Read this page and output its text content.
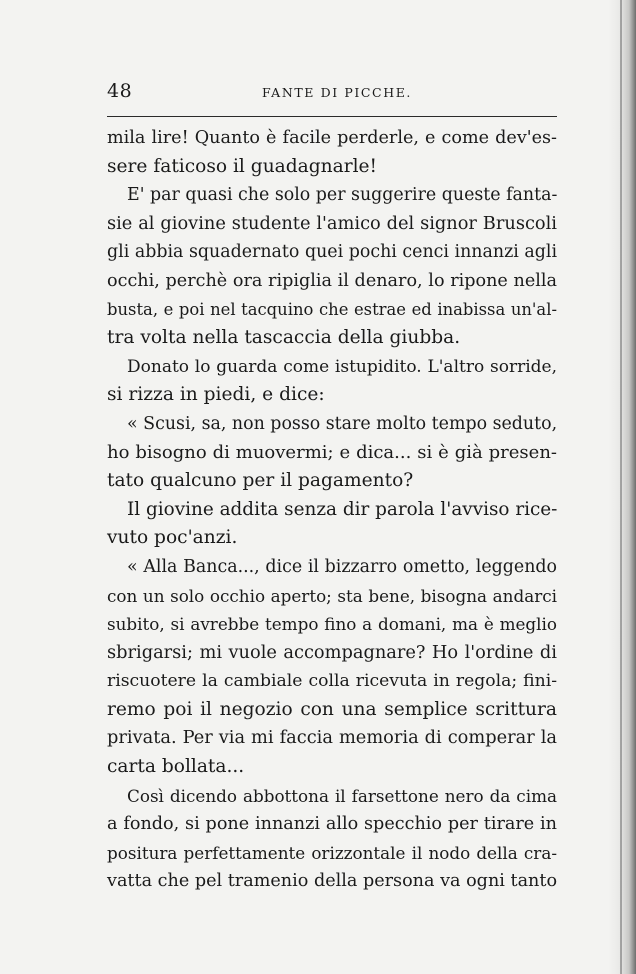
48	FANTE DI PICCHE.
mila lire! Quanto è facile perderle, e come dev'es-
sere faticoso il guadagnarle!
E' par quasi che solo per suggerire queste fanta-
sie al giovine studente l'amico del signor Bruscoli
gli abbia squadernato quei pochi cenci innanzi agli
occhi, perchè ora ripiglia il denaro, lo ripone nella
busta, e poi nel tacquino che estrae ed inabissa un'al-
tra volta nella tascaccia della giubba.
Donato lo guarda come istupidito. L'altro sorride,
si rizza in piedi, e dice:
« Scusi, sa, non posso stare molto tempo seduto,
ho bisogno di muovermi; e dica... si è già presen-
tato qualcuno per il pagamento?
Il giovine addita senza dir parola l'avviso rice-
vuto poc'anzi.
« Alla Banca..., dice il bizzarro ometto, leggendo
con un solo occhio aperto; sta bene, bisogna andarci
subito, si avrebbe tempo fino a domani, ma è meglio
sbrigarsi; mi vuole accompagnare? Ho l'ordine di
riscuotere la cambiale colla ricevuta in regola; fini-
remo poi il negozio con una semplice scrittura
privata. Per via mi faccia memoria di comperar la
carta bollata...
Così dicendo abbottona il farsettone nero da cima
a fondo, si pone innanzi allo specchio per tirare in
positura perfettamente orizzontale il nodo della cra-
vatta che pel tramenio della persona va ogni tanto
